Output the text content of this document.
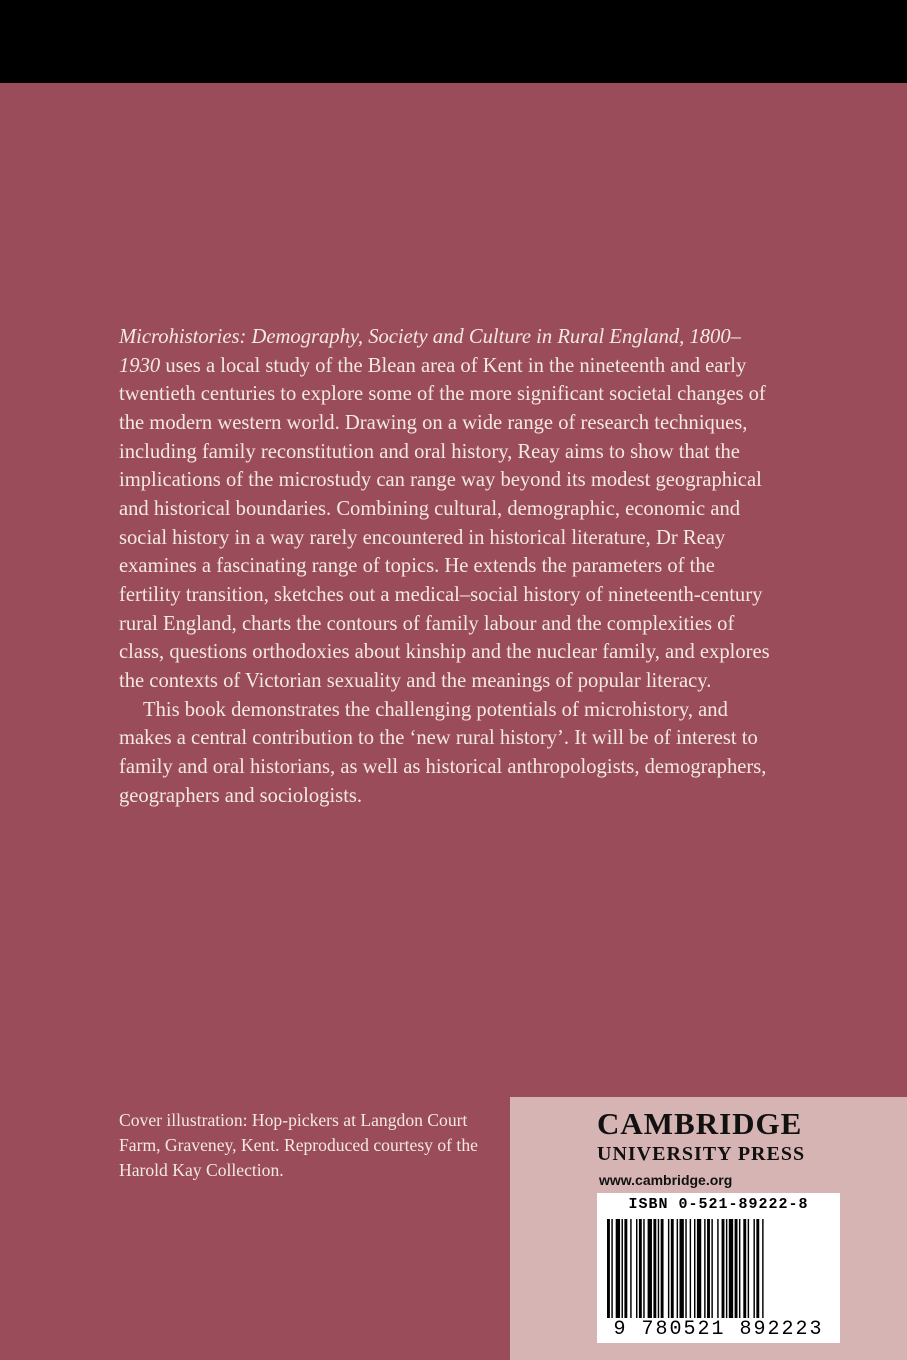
Microhistories: Demography, Society and Culture in Rural England, 1800–1930 uses a local study of the Blean area of Kent in the nineteenth and early twentieth centuries to explore some of the more significant societal changes of the modern western world. Drawing on a wide range of research techniques, including family reconstitution and oral history, Reay aims to show that the implications of the microstudy can range way beyond its modest geographical and historical boundaries. Combining cultural, demographic, economic and social history in a way rarely encountered in historical literature, Dr Reay examines a fascinating range of topics. He extends the parameters of the fertility transition, sketches out a medical–social history of nineteenth-century rural England, charts the contours of family labour and the complexities of class, questions orthodoxies about kinship and the nuclear family, and explores the contexts of Victorian sexuality and the meanings of popular literacy.

This book demonstrates the challenging potentials of microhistory, and makes a central contribution to the ‘new rural history’. It will be of interest to family and oral historians, as well as historical anthropologists, demographers, geographers and sociologists.

Cover illustration: Hop-pickers at Langdon Court Farm, Graveney, Kent. Reproduced courtesy of the Harold Kay Collection.

CAMBRIDGE
UNIVERSITY PRESS
www.cambridge.org
ISBN 0-521-89222-8
9 780521 892223
